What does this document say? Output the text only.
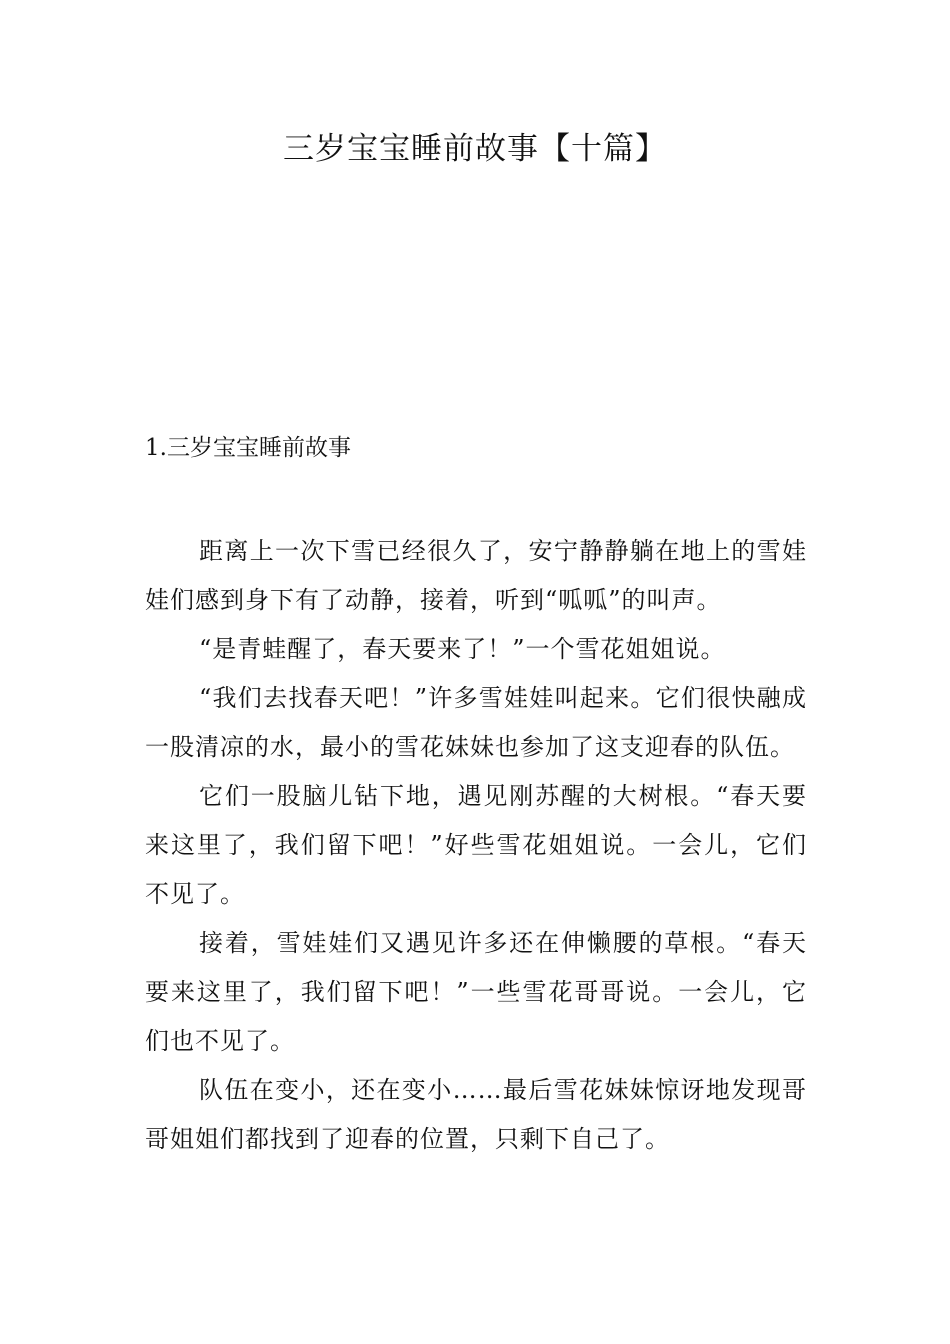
三岁宝宝睡前故事【十篇】
1.三岁宝宝睡前故事

距离上一次下雪已经很久了，安宁静静躺在地上的雪娃娃们感到身下有了动静，接着，听到“呱呱”的叫声。

“是青蛙醒了，春天要来了！”一个雪花姐姐说。

“我们去找春天吧！”许多雪娃娃叫起来。它们很快融成一股清凉的水，最小的雪花妹妹也参加了这支迎春的队伍。

它们一股脑儿钻下地，遇见刚苏醒的大树根。“春天要来这里了，我们留下吧！”好些雪花姐姐说。一会儿，它们不见了。

接着，雪娃娃们又遇见许多还在伸懒腰的草根。“春天要来这里了，我们留下吧！”一些雪花哥哥说。一会儿，它们也不见了。

队伍在变小，还在变小……最后雪花妹妹惊讶地发现哥哥姐姐们都找到了迎春的位置，只剩下自己了。
